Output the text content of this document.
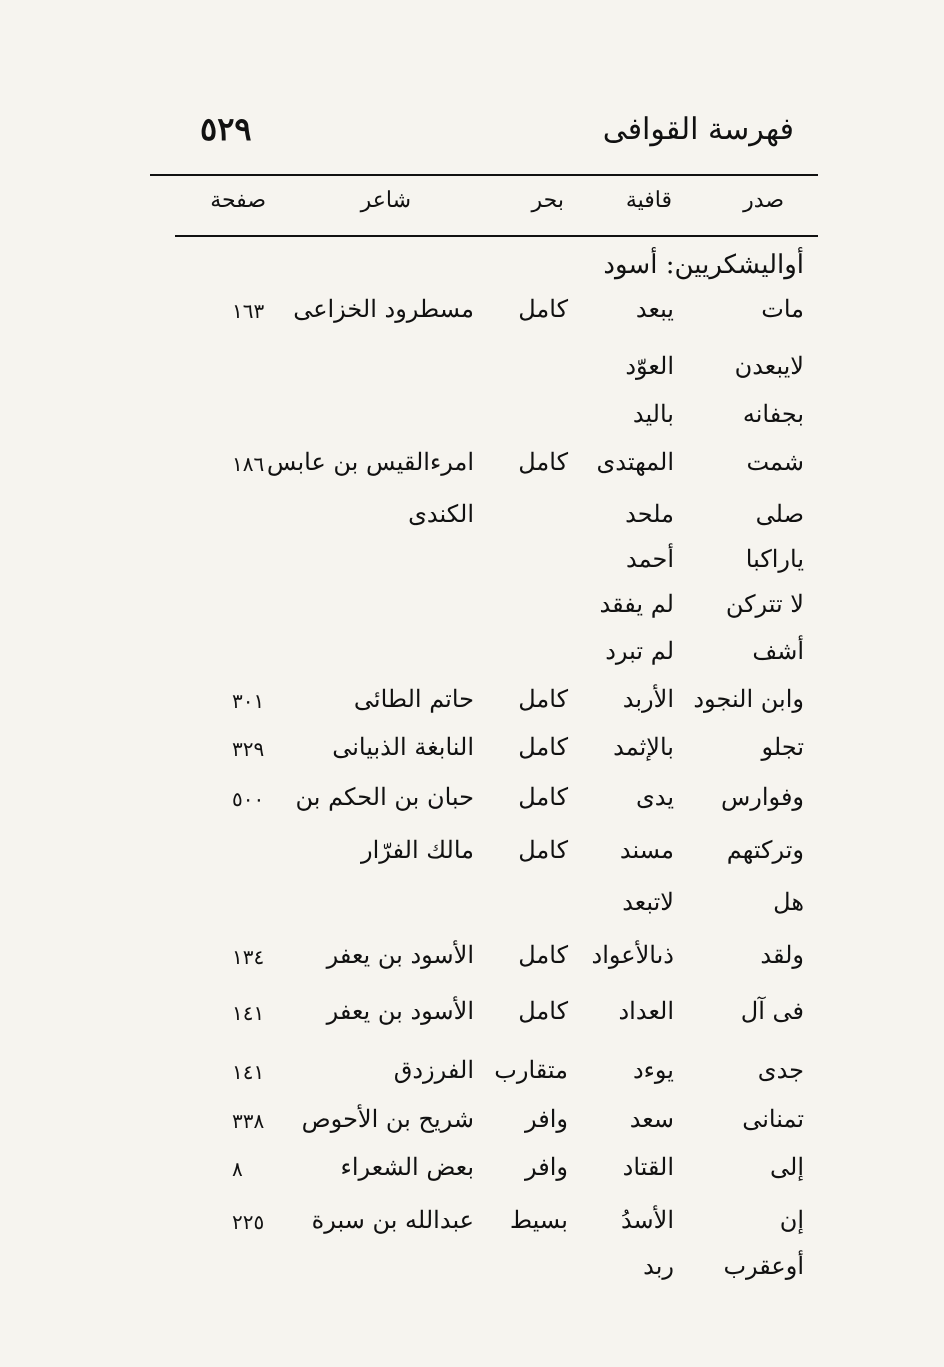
فهرسة القوافى
٥٢٩
صدر
قافية
بحر
شاعر
صفحة
أواليشكريين: أسود
مات
يبعد
كامل
مسطرود الخزاعى
١٦٣
لايبعدن
العوّد
بجفانه
باليد
شمت
المهتدى
كامل
امرءالقيس بن عابس
١٨٦
صلى
ملحد
الكندى
ياراكبا
أحمد
لا تتركن
لم يفقد
أشف
لم تبرد
وابن النجود
الأربد
كامل
حاتم الطائى
٣٠١
تجلو
بالإثمد
كامل
النابغة الذبيانى
٣٢٩
وفوارس
يدى
كامل
حبان بن الحكم بن
٥٠٠
وتركتهم
مسند
كامل
مالك الفرّار
هل
لاتبعد
ولقد
ذىالأعواد
كامل
الأسود بن يعفر
١٣٤
فى آل
العداد
كامل
الأسود بن يعفر
١٤١
جدى
يوءد
متقارب
الفرزدق
١٤١
تمنانى
سعد
وافر
شريح بن الأحوص
٣٣٨
إلى
القتاد
وافر
بعض الشعراء
٨
إن
الأسدُ
بسيط
عبدالله بن سبرة
٢٢٥
أوعقرب
ربد
